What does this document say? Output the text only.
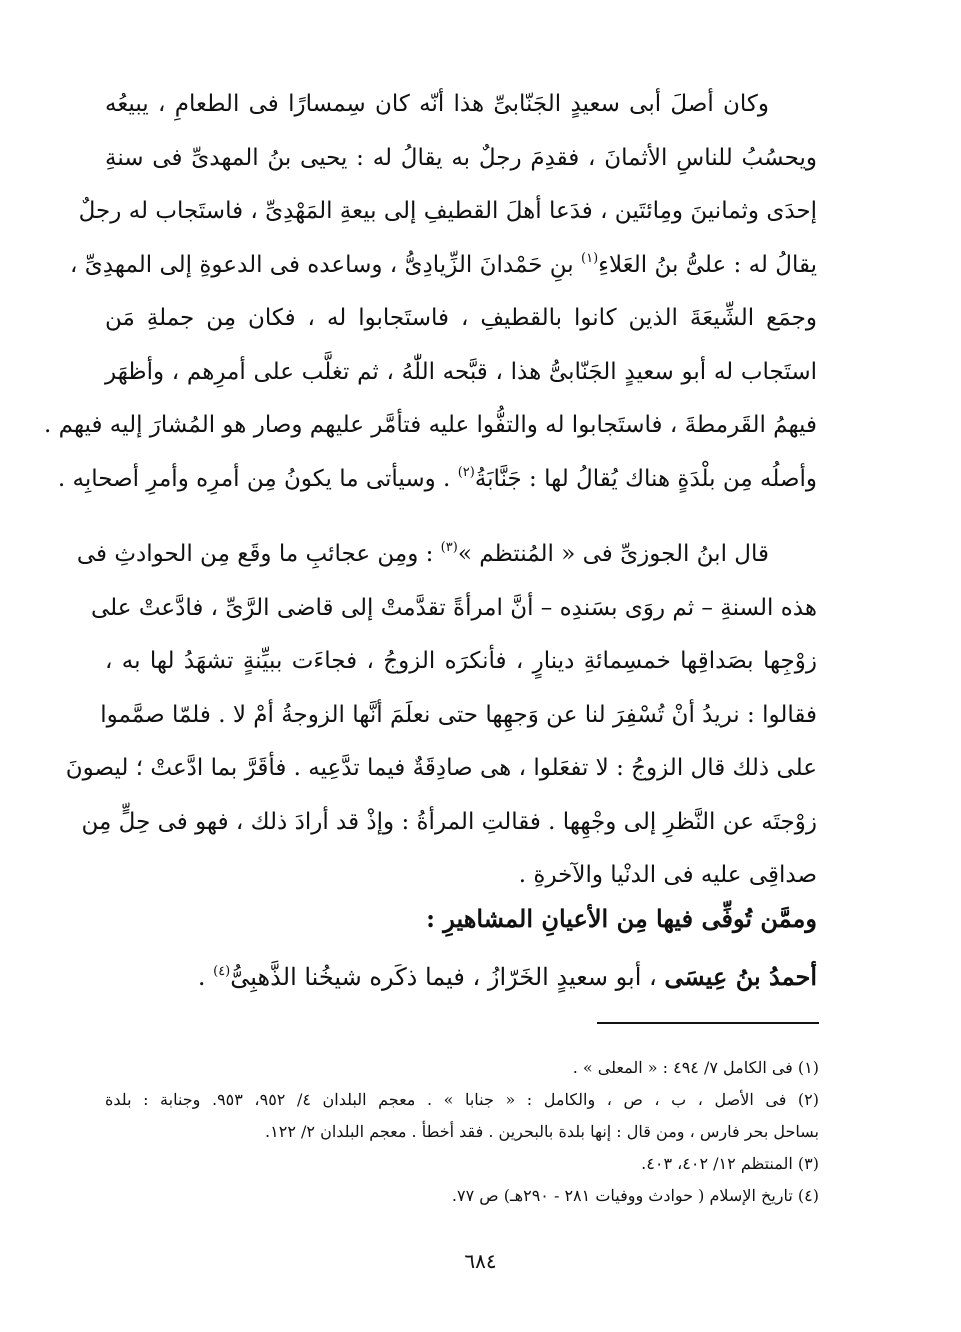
وكان أصلَ أبى سعيدٍ الجَنّابىِّ هذا أنّه كان سِمسارًا فى الطعامِ ، يبيعُه
ويحسُبُ للناسِ الأثمانَ ، فقدِمَ رجلٌ به يقالُ له : يحيى بنُ المهدىِّ فى سنةِ
إحدَى وثمانينَ ومِائتَين ، فدَعا أهلَ القطيفِ إلى بيعةِ المَهْدِىِّ ، فاستَجاب له رجلٌ
يقالُ له : علىُّ بنُ العَلاءِ$^{(١)}$ بنِ حَمْدانَ الزِّيادِىُّ ، وساعده فى الدعوةِ إلى المهدِىِّ ،
وجمَع الشِّيعَةَ الذين كانوا بالقطيفِ ، فاستَجابوا له ، فكان مِن جملةِ مَن
استَجاب له أبو سعيدٍ الجَنّابىُّ هذا ، قبَّحه اللّٰهُ ، ثم تغلَّب على أمرِهم ، وأظهَر
فيهمُ القَرمطةَ ، فاستَجابوا له والتفُّوا عليه فتأمَّر عليهم وصار هو المُشارَ إليه فيهم .
وأصلُه مِن بلْدَةٍ هناك يُقالُ لها : جَنَّابَةُ$^{(٢)}$ . وسيأتى ما يكونُ مِن أمرِه وأمرِ أصحابِه .
قال ابنُ الجوزىِّ فى « المُنتظم »$^{(٣)}$ : ومِن عجائبِ ما وقَع مِن الحوادثِ فى
هذه السنةِ – ثم روَى بسَندِه – أنَّ امرأةً تقدَّمتْ إلى قاضى الرَّىِّ ، فادَّعتْ على
زوْجِها بصَداقِها خمسِمائةِ دينارٍ ، فأنكرَه الزوجُ ، فجاءَت ببيِّنةٍ تشهَدُ لها به ،
فقالوا : نريدُ أنْ تُسْفِرَ لنا عن وَجهِها حتى نعلَمَ أنَّها الزوجةُ أمْ لا . فلمّا صمَّموا
على ذلك قال الزوجُ : لا تفعَلوا ، هى صادِقَةٌ فيما تدَّعِيه . فأقَرَّ بما ادَّعتْ ؛ ليصونَ
زوْجتَه عن النَّظرِ إلى وجْهِها . فقالتِ المرأةُ : وإذْ قد أرادَ ذلك ، فهو فى حِلٍّ مِن
صداقِى عليه فى الدنْيا والآخرةِ .
وممَّن تُوفِّى فيها مِن الأعيانِ المشاهيرِ :
أحمدُ بنُ عِيسَى ، أبو سعيدٍ الخَرّازُ ، فيما ذكَره شيخُنا الذَّهبِىُّ$^{(٤)}$ .
(١) فى الكامل ٧/ ٤٩٤ : « المعلى » .
(٢) فى الأصل ، ب ، ص ، والكامل : « جنابا » . معجم البلدان ٤/ ٩٥٢، ٩٥٣. وجنابة : بلدة
بساحل بحر فارس ، ومن قال : إنها بلدة بالبحرين . فقد أخطأ . معجم البلدان ٢/ ١٢٢.
(٣) المنتظم ١٢/ ٤٠٢، ٤٠٣.
(٤) تاريخ الإسلام ( حوادث ووفيات ٢٨١ - ٢٩٠هـ) ص ٧٧.
٦٨٤
